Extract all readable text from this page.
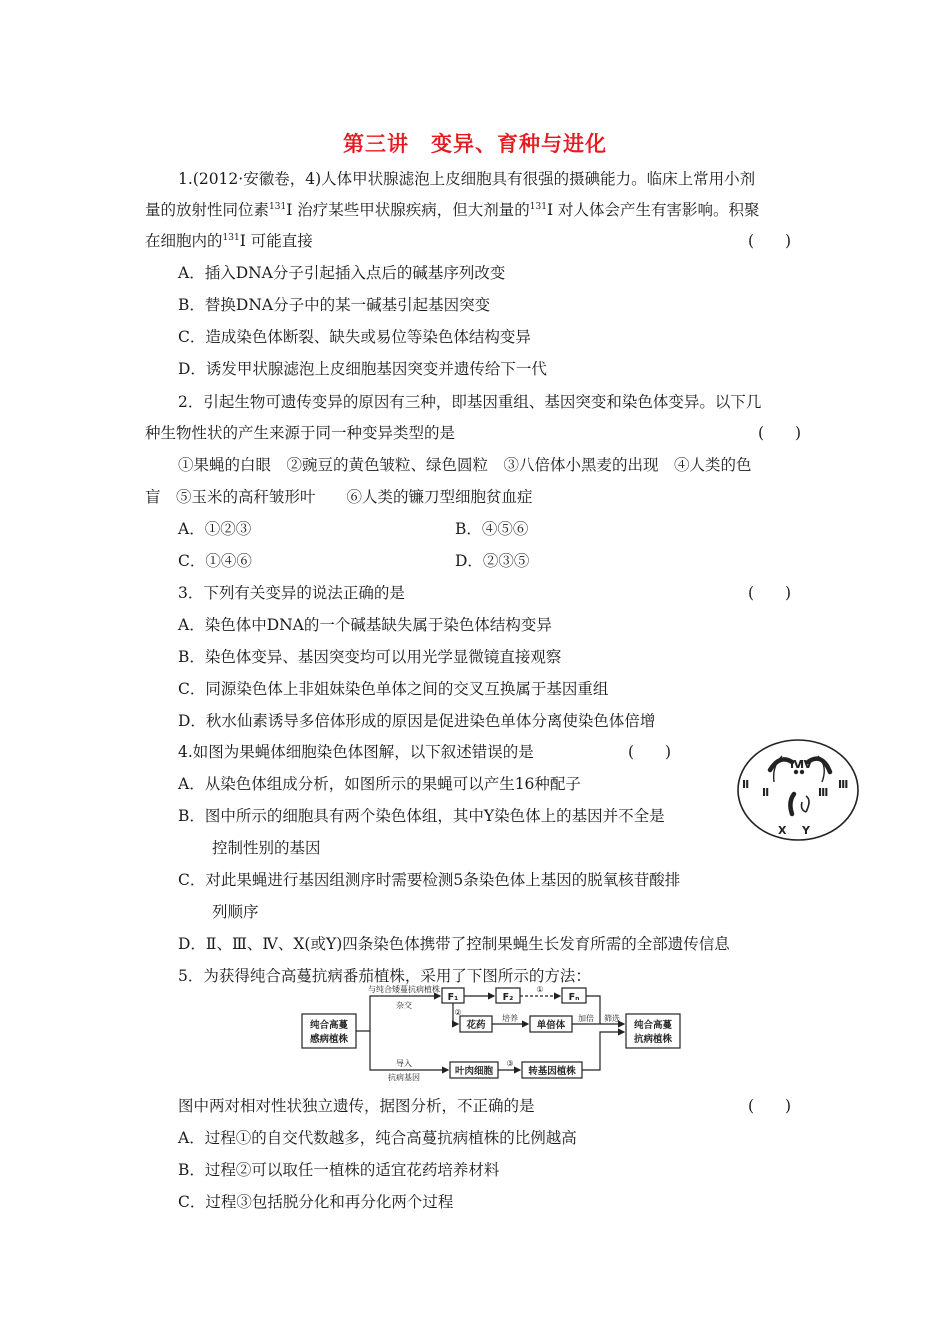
第三讲　变异、育种与进化
1.(2012·安徽卷，4)人体甲状腺滤泡上皮细胞具有很强的摄碘能力。临床上常用小剂
量的放射性同位素$^{131}$I 治疗某些甲状腺疾病，但大剂量的$^{131}$I 对人体会产生有害影响。积聚
在细胞内的$^{131}$I 可能直接	(　　)
A．插入DNA分子引起插入点后的碱基序列改变
B．替换DNA分子中的某一碱基引起基因突变
C．造成染色体断裂、缺失或易位等染色体结构变异
D．诱发甲状腺滤泡上皮细胞基因突变并遗传给下一代
2．引起生物可遗传变异的原因有三种，即基因重组、基因突变和染色体变异。以下几
种生物性状的产生来源于同一种变异类型的是	(　　)
①果蝇的白眼　②豌豆的黄色皱粒、绿色圆粒　③八倍体小黑麦的出现　④人类的色
盲　⑤玉米的高秆皱形叶　　⑥人类的镰刀型细胞贫血症
A．①②③	B．④⑤⑥
C．①④⑥	D．②③⑤
3．下列有关变异的说法正确的是	(　　)
A．染色体中DNA的一个碱基缺失属于染色体结构变异
B．染色体变异、基因突变均可以用光学显微镜直接观察
C．同源染色体上非姐妹染色单体之间的交叉互换属于基因重组
D．秋水仙素诱导多倍体形成的原因是促进染色单体分离使染色体倍增
4.如图为果蝇体细胞染色体图解，以下叙述错误的是	(　　)
A．从染色体组成分析，如图所示的果蝇可以产生16种配子
B．图中所示的细胞具有两个染色体组，其中Y染色体上的基因并不全是
控制性别的基因
C．对此果蝇进行基因组测序时需要检测5条染色体上基因的脱氧核苷酸排
列顺序
D．Ⅱ、Ⅲ、Ⅳ、X(或Y)四条染色体携带了控制果蝇生长发育所需的全部遗传信息
Ⅱ
Ⅱ
Ⅳ
Ⅳ
Ⅲ
Ⅲ
X Y
5．为获得纯合高蔓抗病番茄植株，采用了下图所示的方法：
纯合高蔓
感病植株
纯合高蔓
抗病植株
F₁	F₂	Fₙ
花药	单倍体
叶肉细胞	转基因植株
与纯合矮蔓抗病植株
杂交
①
②
培养	加倍 筛选
导入
抗病基因
③
图中两对相对性状独立遗传，据图分析，不正确的是	(　　)
A．过程①的自交代数越多，纯合高蔓抗病植株的比例越高
B．过程②可以取任一植株的适宜花药培养材料
C．过程③包括脱分化和再分化两个过程
